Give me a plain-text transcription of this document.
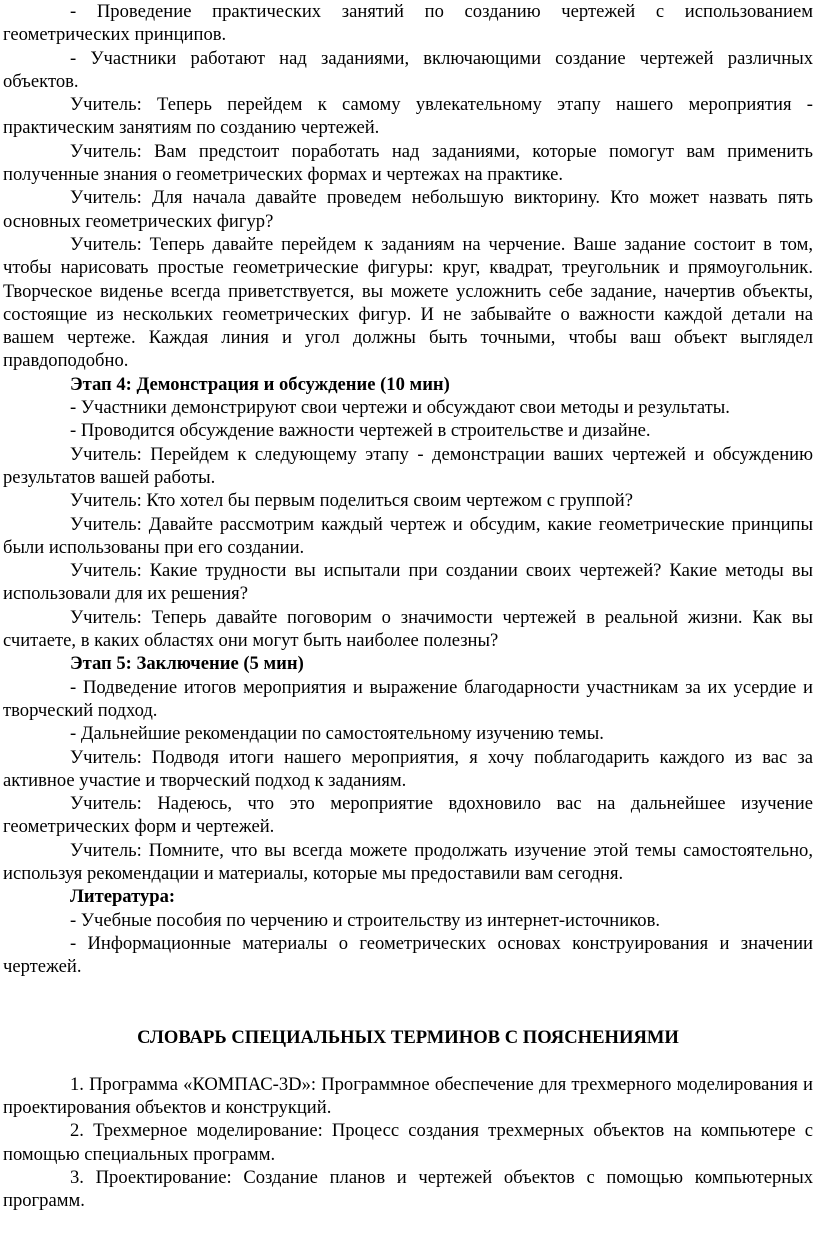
- Проведение практических занятий по созданию чертежей с использованием геометрических принципов.

- Участники работают над заданиями, включающими создание чертежей различных объектов.

Учитель: Теперь перейдем к самому увлекательному этапу нашего мероприятия - практическим занятиям по созданию чертежей.

Учитель: Вам предстоит поработать над заданиями, которые помогут вам применить полученные знания о геометрических формах и чертежах на практике.

Учитель: Для начала давайте проведем небольшую викторину. Кто может назвать пять основных геометрических фигур?

Учитель: Теперь давайте перейдем к заданиям на черчение. Ваше задание состоит в том, чтобы нарисовать простые геометрические фигуры: круг, квадрат, треугольник и прямоугольник. Творческое виденье всегда приветствуется, вы можете усложнить себе задание, начертив объекты, состоящие из нескольких геометрических фигур. И не забывайте о важности каждой детали на вашем чертеже. Каждая линия и угол должны быть точными, чтобы ваш объект выглядел правдоподобно.

Этап 4: Демонстрация и обсуждение (10 мин)

- Участники демонстрируют свои чертежи и обсуждают свои методы и результаты.

- Проводится обсуждение важности чертежей в строительстве и дизайне.

Учитель: Перейдем к следующему этапу - демонстрации ваших чертежей и обсуждению результатов вашей работы.

Учитель: Кто хотел бы первым поделиться своим чертежом с группой?

Учитель: Давайте рассмотрим каждый чертеж и обсудим, какие геометрические принципы были использованы при его создании.

Учитель: Какие трудности вы испытали при создании своих чертежей? Какие методы вы использовали для их решения?

Учитель: Теперь давайте поговорим о значимости чертежей в реальной жизни. Как вы считаете, в каких областях они могут быть наиболее полезны?

Этап 5: Заключение (5 мин)

- Подведение итогов мероприятия и выражение благодарности участникам за их усердие и творческий подход.

- Дальнейшие рекомендации по самостоятельному изучению темы.

Учитель: Подводя итоги нашего мероприятия, я хочу поблагодарить каждого из вас за активное участие и творческий подход к заданиям.

Учитель: Надеюсь, что это мероприятие вдохновило вас на дальнейшее изучение геометрических форм и чертежей.

Учитель: Помните, что вы всегда можете продолжать изучение этой темы самостоятельно, используя рекомендации и материалы, которые мы предоставили вам сегодня.

Литература:

- Учебные пособия по черчению и строительству из интернет-источников.

- Информационные материалы о геометрических основах конструирования и значении чертежей.

СЛОВАРЬ СПЕЦИАЛЬНЫХ ТЕРМИНОВ С ПОЯСНЕНИЯМИ

1. Программа «КОМПАС-3D»: Программное обеспечение для трехмерного моделирования и проектирования объектов и конструкций.

2. Трехмерное моделирование: Процесс создания трехмерных объектов на компьютере с помощью специальных программ.

3. Проектирование: Создание планов и чертежей объектов с помощью компьютерных программ.
